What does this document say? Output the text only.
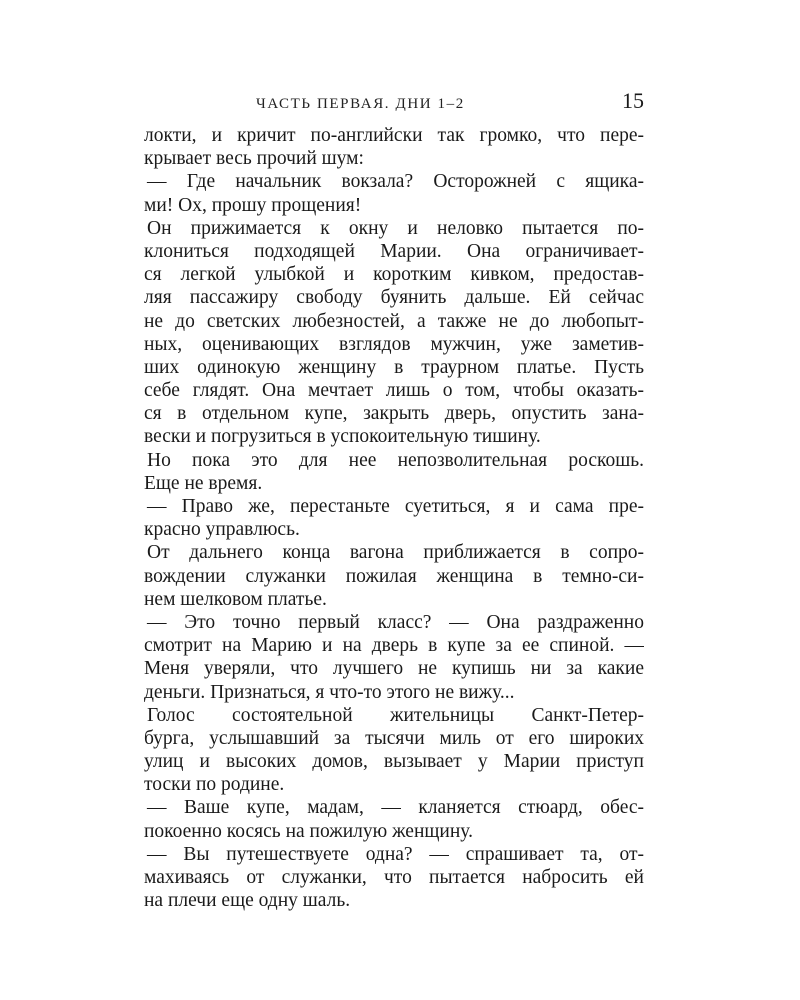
ЧАСТЬ ПЕРВАЯ. ДНИ 1–2	15
локти, и кричит по-английски так громко, что пере-
крывает весь прочий шум:
— Где начальник вокзала? Осторожней с ящика-
ми! Ох, прошу прощения!
Он прижимается к окну и неловко пытается по-
клониться подходящей Марии. Она ограничивает-
ся легкой улыбкой и коротким кивком, предостав-
ляя пассажиру свободу буянить дальше. Ей сейчас
не до светских любезностей, а также не до любопыт-
ных, оценивающих взглядов мужчин, уже заметив-
ших одинокую женщину в траурном платье. Пусть
себе глядят. Она мечтает лишь о том, чтобы оказать-
ся в отдельном купе, закрыть дверь, опустить зана-
вески и погрузиться в успокоительную тишину.
Но пока это для нее непозволительная роскошь.
Еще не время.
— Право же, перестаньте суетиться, я и сама пре-
красно управлюсь.
От дальнего конца вагона приближается в сопро-
вождении служанки пожилая женщина в темно-си-
нем шелковом платье.
— Это точно первый класс? — Она раздраженно
смотрит на Марию и на дверь в купе за ее спиной. —
Меня уверяли, что лучшего не купишь ни за какие
деньги. Признаться, я что-то этого не вижу...
Голос состоятельной жительницы Санкт-Петер-
бурга, услышавший за тысячи миль от его широких
улиц и высоких домов, вызывает у Марии приступ
тоски по родине.
— Ваше купе, мадам, — кланяется стюард, обес-
покоенно косясь на пожилую женщину.
— Вы путешествуете одна? — спрашивает та, от-
махиваясь от служанки, что пытается набросить ей
на плечи еще одну шаль.
